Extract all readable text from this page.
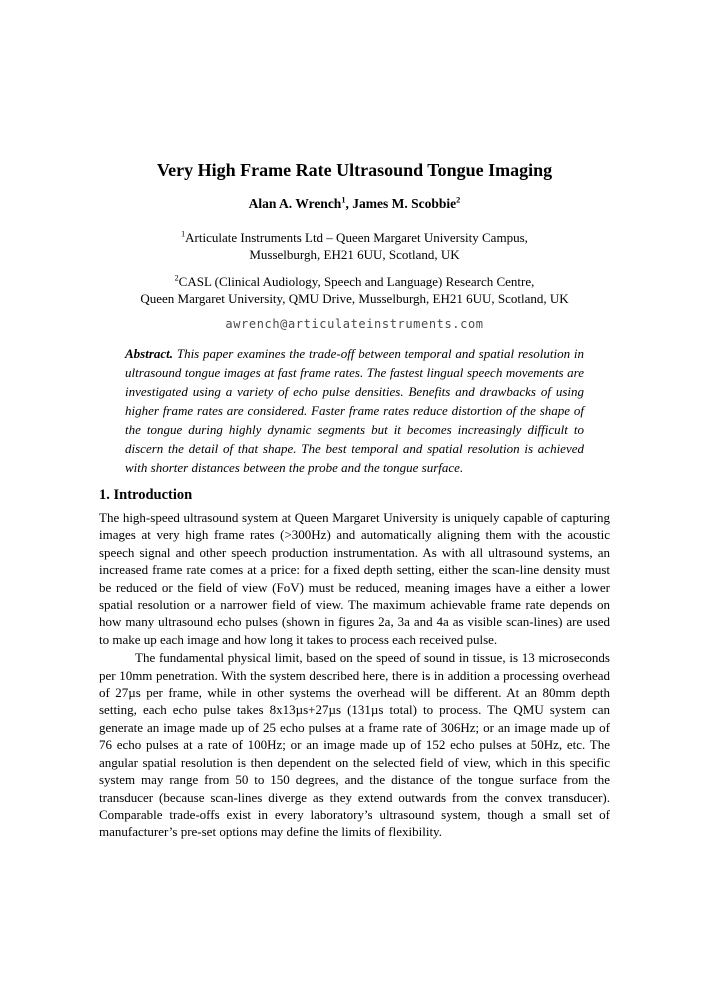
Very High Frame Rate Ultrasound Tongue Imaging
Alan A. Wrench$^1$, James M. Scobbie$^2$
$^1$Articulate Instruments Ltd – Queen Margaret University Campus,
Musselburgh, EH21 6UU, Scotland, UK
$^2$CASL (Clinical Audiology, Speech and Language) Research Centre,
Queen Margaret University, QMU Drive, Musselburgh, EH21 6UU, Scotland, UK
awrench@articulateinstruments.com

Abstract. This paper examines the trade-off between temporal and spatial resolution in ultrasound tongue images at fast frame rates. The fastest lingual speech movements are investigated using a variety of echo pulse densities. Benefits and drawbacks of using higher frame rates are considered. Faster frame rates reduce distortion of the shape of the tongue during highly dynamic segments but it becomes increasingly difficult to discern the detail of that shape. The best temporal and spatial resolution is achieved with shorter distances between the probe and the tongue surface.

1. Introduction

The high-speed ultrasound system at Queen Margaret University is uniquely capable of capturing images at very high frame rates (>300Hz) and automatically aligning them with the acoustic speech signal and other speech production instrumentation. As with all ultrasound systems, an increased frame rate comes at a price: for a fixed depth setting, either the scan-line density must be reduced or the field of view (FoV) must be reduced, meaning images have a either a lower spatial resolution or a narrower field of view. The maximum achievable frame rate depends on how many ultrasound echo pulses (shown in figures 2a, 3a and 4a as visible scan-lines) are used to make up each image and how long it takes to process each received pulse.

The fundamental physical limit, based on the speed of sound in tissue, is 13 microseconds per 10mm penetration. With the system described here, there is in addition a processing overhead of 27µs per frame, while in other systems the overhead will be different. At an 80mm depth setting, each echo pulse takes 8x13µs+27µs (131µs total) to process. The QMU system can generate an image made up of 25 echo pulses at a frame rate of 306Hz; or an image made up of 76 echo pulses at a rate of 100Hz; or an image made up of 152 echo pulses at 50Hz, etc. The angular spatial resolution is then dependent on the selected field of view, which in this specific system may range from 50 to 150 degrees, and the distance of the tongue surface from the transducer (because scan-lines diverge as they extend outwards from the convex transducer). Comparable trade-offs exist in every laboratory’s ultrasound system, though a small set of manufacturer’s pre-set options may define the limits of flexibility.
